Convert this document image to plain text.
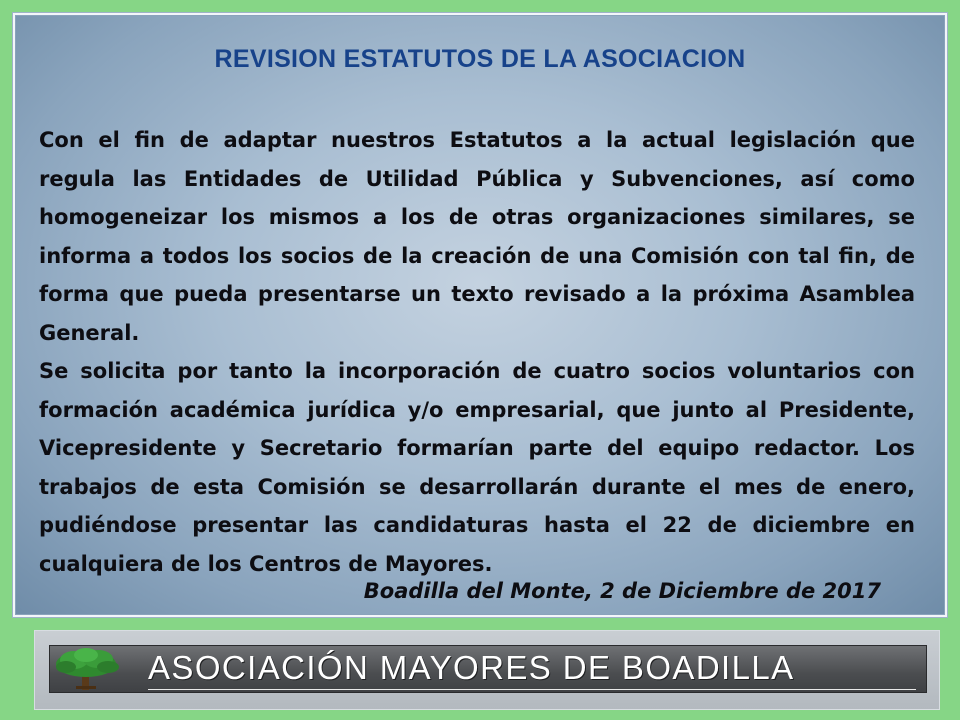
REVISION ESTATUTOS DE LA ASOCIACION

Con el fin de adaptar nuestros Estatutos a la actual legislación que regula las Entidades de Utilidad Pública y Subvenciones, así como homogeneizar los mismos a los de otras organizaciones similares, se informa a todos los socios de la creación de una Comisión con tal fin, de forma que pueda presentarse un texto revisado a la próxima Asamblea General.

Se solicita por tanto la incorporación de cuatro socios voluntarios con formación académica jurídica y/o empresarial, que junto al Presidente, Vicepresidente y Secretario formarían parte del equipo redactor. Los trabajos de esta Comisión se desarrollarán durante el mes de enero, pudiéndose presentar las candidaturas hasta el 22 de diciembre en cualquiera de los Centros de Mayores.

Boadilla del Monte, 2 de Diciembre de 2017
ASOCIACIÓN MAYORES DE BOADILLA
